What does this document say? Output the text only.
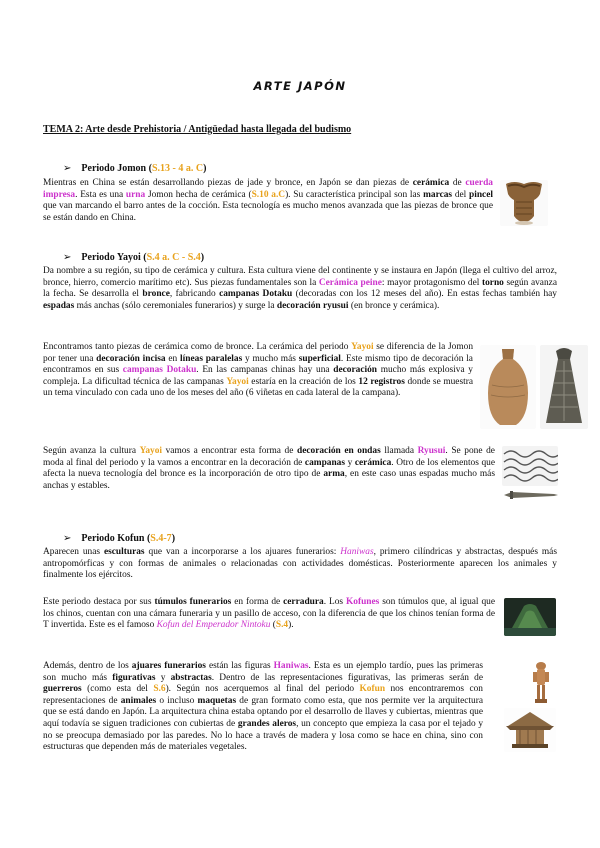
ARTE JAPÓN
TEMA 2: Arte desde Prehistoria / Antigüedad hasta llegada del budismo
➢ Periodo Jomon ( S.13 - 4 a. C )

Mientras en China se están desarrollando piezas de jade y bronce, en Japón se dan piezas de cerámica de cuerda impresa. Esta es una urna Jomon hecha de cerámica (S.10 a.C). Su característica principal son las marcas del pincel que van marcando el barro antes de la cocción. Esta tecnología es mucho menos avanzada que las piezas de bronce que se están dando en China.

➢ Periodo Yayoi ( S.4 a. C - S.4 )

Da nombre a su región, su tipo de cerámica y cultura. Esta cultura viene del continente y se instaura en Japón (llega el cultivo del arroz, bronce, hierro, comercio marítimo etc). Sus piezas fundamentales son la Cerámica peine: mayor protagonismo del torno según avanza la fecha. Se desarrolla el bronce, fabricando campanas Dotaku (decoradas con los 12 meses del año). En estas fechas también hay espadas más anchas (sólo ceremoniales funerarios) y surge la decoración ryusui (en bronce y cerámica).

Encontramos tanto piezas de cerámica como de bronce. La cerámica del periodo Yayoi se diferencia de la Jomon por tener una decoración incisa en líneas paralelas y mucho más superficial. Este mismo tipo de decoración la encontramos en sus campanas Dotaku. En las campanas chinas hay una decoración mucho más explosiva y compleja. La dificultad técnica de las campanas Yayoi estaría en la creación de los 12 registros donde se muestra un tema vinculado con cada uno de los meses del año (6 viñetas en cada lateral de la campana).

Según avanza la cultura Yayoi vamos a encontrar esta forma de decoración en ondas llamada Ryusui. Se pone de moda al final del periodo y la vamos a encontrar en la decoración de campanas y cerámica. Otro de los elementos que afecta la nueva tecnología del bronce es la incorporación de otro tipo de arma, en este caso unas espadas mucho más anchas y estables.

➢ Periodo Kofun ( S.4-7 )

Aparecen unas esculturas que van a incorporarse a los ajuares funerarios: Haniwas, primero cilíndricas y abstractas, después más antropomórficas y con formas de animales o relacionadas con actividades domésticas. Posteriormente aparecen los animales y finalmente los ejércitos.

Este periodo destaca por sus túmulos funerarios en forma de cerradura. Los Kofunes son túmulos que, al igual que los chinos, cuentan con una cámara funeraria y un pasillo de acceso, con la diferencia de que los chinos tenían forma de T invertida. Este es el famoso Kofun del Emperador Nintoku (S.4).

Además, dentro de los ajuares funerarios están las figuras Haniwas. Esta es un ejemplo tardío, pues las primeras son mucho más figurativas y abstractas. Dentro de las representaciones figurativas, las primeras serán de guerreros (como esta del S.6). Según nos acerquemos al final del periodo Kofun nos encontraremos con representaciones de animales o incluso maquetas de gran formato como esta, que nos permite ver la arquitectura que se está dando en Japón. La arquitectura china estaba optando por el desarrollo de llaves y cubiertas, mientras que aquí todavía se siguen tradiciones con cubiertas de grandes aleros, un concepto que empieza la casa por el tejado y no se preocupa demasiado por las paredes. No lo hace a través de madera y losa como se hace en china, sino con estructuras que dependen más de materiales vegetales.
